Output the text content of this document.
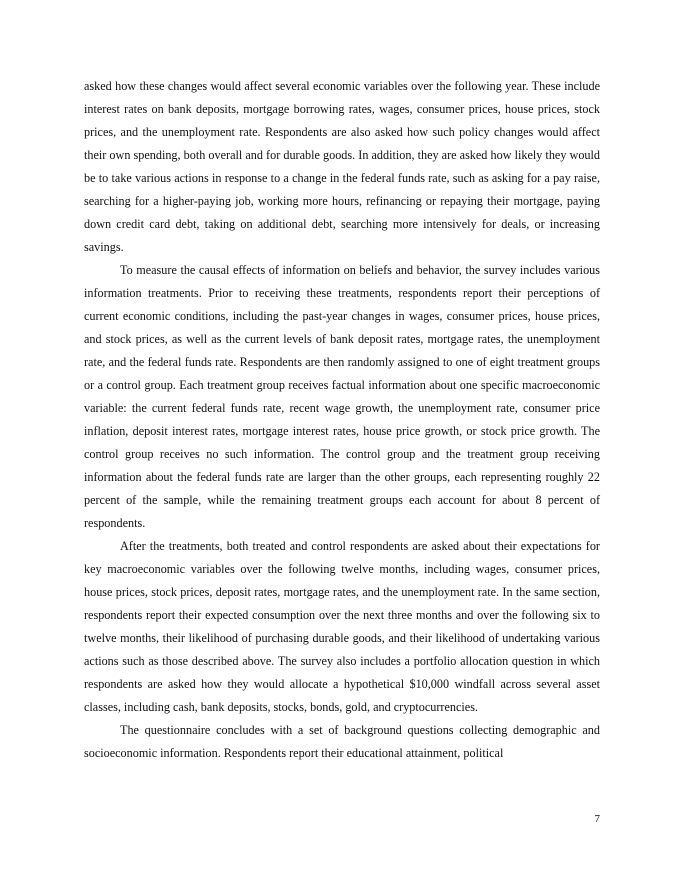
asked how these changes would affect several economic variables over the following year. These include interest rates on bank deposits, mortgage borrowing rates, wages, consumer prices, house prices, stock prices, and the unemployment rate. Respondents are also asked how such policy changes would affect their own spending, both overall and for durable goods. In addition, they are asked how likely they would be to take various actions in response to a change in the federal funds rate, such as asking for a pay raise, searching for a higher-paying job, working more hours, refinancing or repaying their mortgage, paying down credit card debt, taking on additional debt, searching more intensively for deals, or increasing savings.

To measure the causal effects of information on beliefs and behavior, the survey includes various information treatments. Prior to receiving these treatments, respondents report their perceptions of current economic conditions, including the past-year changes in wages, consumer prices, house prices, and stock prices, as well as the current levels of bank deposit rates, mortgage rates, the unemployment rate, and the federal funds rate. Respondents are then randomly assigned to one of eight treatment groups or a control group. Each treatment group receives factual information about one specific macroeconomic variable: the current federal funds rate, recent wage growth, the unemployment rate, consumer price inflation, deposit interest rates, mortgage interest rates, house price growth, or stock price growth. The control group receives no such information. The control group and the treatment group receiving information about the federal funds rate are larger than the other groups, each representing roughly 22 percent of the sample, while the remaining treatment groups each account for about 8 percent of respondents.

After the treatments, both treated and control respondents are asked about their expectations for key macroeconomic variables over the following twelve months, including wages, consumer prices, house prices, stock prices, deposit rates, mortgage rates, and the unemployment rate. In the same section, respondents report their expected consumption over the next three months and over the following six to twelve months, their likelihood of purchasing durable goods, and their likelihood of undertaking various actions such as those described above. The survey also includes a portfolio allocation question in which respondents are asked how they would allocate a hypothetical $10,000 windfall across several asset classes, including cash, bank deposits, stocks, bonds, gold, and cryptocurrencies.

The questionnaire concludes with a set of background questions collecting demographic and socioeconomic information. Respondents report their educational attainment, political

7
